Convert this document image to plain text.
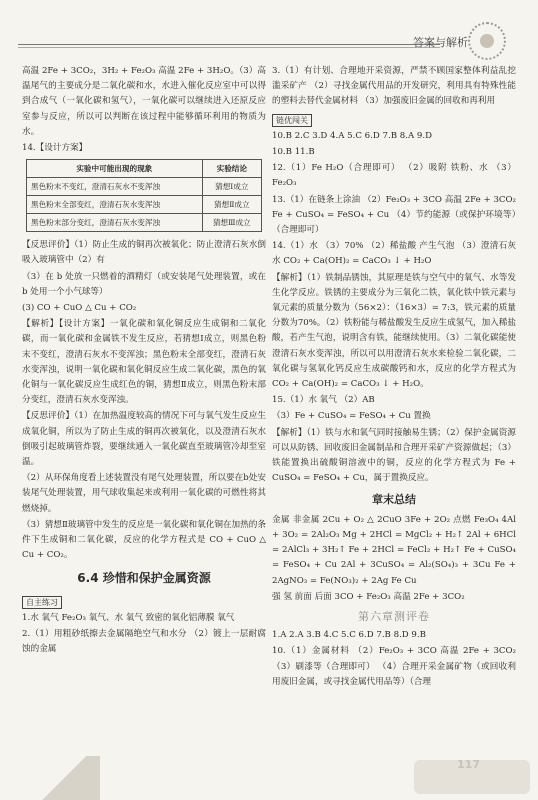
答案与解析

高温 2Fe + 3CO₂，3H₂ + Fe₂O₃ 高温 2Fe + 3H₂O。（3）高温尾气的主要成分是二氧化碳和水，水进入催化反应室中可以得到合成气（一氧化碳和氢气），一氧化碳可以继续进入还原反应室参与反应，所以可以判断在该过程中能够循环利用的物质为水。

14.【设计方案】

实验中可能出现的现象	实验结论
黑色粉末不变红，澄清石灰水不变浑浊	猜想Ⅰ成立
黑色粉末全部变红，澄清石灰水变浑浊	猜想Ⅱ成立
黑色粉末部分变红，澄清石灰水变浑浊	猜想Ⅲ成立

【反思评价】（1）防止生成的铜再次被氧化；防止澄清石灰水倒吸入玻璃管中（2）有

（3）在 b 处放一只燃着的酒精灯（或安装尾气处理装置，或在 b 处用一个小气球等）

(3) CO + CuO △ Cu + CO₂

【解析】【设计方案】一氧化碳和氧化铜反应生成铜和二氧化碳，而一氧化碳和金属铁不发生反应，若猜想Ⅰ成立，则黑色粉末不变红，澄清石灰水不变浑浊；黑色粉末全部变红，澄清石灰水变浑浊，说明一氧化碳和氧化铜反应生成二氧化碳，黑色的氧化铜与一氧化碳反应生成红色的铜，猜想Ⅱ成立，则黑色粉末部分变红，澄清石灰水变浑浊。

【反思评价】（1）在加热温度较高的情况下可与氧气发生反应生成氧化铜，所以为了防止生成的铜再次被氧化，以及澄清石灰水倒吸引起玻璃管炸裂，要继续通入一氧化碳直至玻璃管冷却至室温。

（2）从环保角度看上述装置没有尾气处理装置，所以要在b处安装尾气处理装置，用气球收集起来或利用一氧化碳的可燃性将其燃烧掉。

（3）猜想Ⅱ玻璃管中发生的反应是一氧化碳和氧化铜在加热的条件下生成铜和二氧化碳，反应的化学方程式是 CO + CuO △ Cu + CO₂。

6.4 珍惜和保护金属资源
自主练习

1.水 氧气 Fe₂O₃ 氧气、水 氧气 致密的氧化铝薄膜 氧气

2.（1）用粗砂纸擦去金属隔绝空气和水分 （2）镀上一层耐腐蚀的金属

3.（1）有计划、合理地开采资源，严禁不顾国家整体利益乱挖滥采矿产 （2）寻找金属代用品的开发研究，利用具有特殊性能的塑料去替代金属材料 （3）加强废旧金属的回收和再利用

链优闯关

10.B 2.C 3.D 4.A 5.C 6.D 7.B 8.A 9.D

10.B 11.B

12.（1）Fe H₂O（合理即可） （2）吸附 铁粉、水 （3）Fe₂O₃

13.（1）在链条上涂油 （2）Fe₂O₃ + 3CO 高温 2Fe + 3CO₂ Fe + CuSO₄ = FeSO₄ + Cu （4）节约能源（或保护环境等）（合理即可）

14.（1）水 （3）70% （2）稀盐酸 产生气泡 （3）澄清石灰水 CO₂ + Ca(OH)₂ = CaCO₃ ↓ + H₂O

【解析】（1）铁制品锈蚀，其原理是铁与空气中的氧气、水等发生化学反应。铁锈的主要成分为三氧化二铁，氧化铁中铁元素与氧元素的质量分数为（56×2）：（16×3）= 7:3，铁元素的质量分数为70%。（2）铁粉能与稀盐酸发生反应生成氢气，加入稀盐酸，若产生气泡，说明含有铁，能继续使用。（3）二氧化碳能使澄清石灰水变浑浊，所以可以用澄清石灰水来检验二氧化碳，二氧化碳与氢氧化钙反应生成碳酸钙和水，反应的化学方程式为 CO₂ + Ca(OH)₂ = CaCO₃ ↓ + H₂O。

15.（1）水 氧气 （2）AB

（3）Fe + CuSO₄ = FeSO₄ + Cu 置换

【解析】（1）铁与水和氧气同时接触易生锈；（2）保护金属资源可以从防锈、回收废旧金属制品和合理开采矿产资源做起；（3）铁能置换出硫酸铜溶液中的铜，反应的化学方程式为 Fe + CuSO₄ = FeSO₄ + Cu，属于置换反应。

章末总结

金属 非金属 2Cu + O₂ △ 2CuO 3Fe + 2O₂ 点燃 Fe₃O₄ 4Al + 3O₂ = 2Al₂O₃ Mg + 2HCl = MgCl₂ + H₂↑ 2Al + 6HCl = 2AlCl₃ + 3H₂↑ Fe + 2HCl = FeCl₂ + H₂↑ Fe + CuSO₄ = FeSO₄ + Cu 2Al + 3CuSO₄ = Al₂(SO₄)₃ + 3Cu Fe + 2AgNO₃ = Fe(NO₃)₂ + 2Ag Fe Cu

强 氢 前面 后面 3CO + Fe₂O₃ 高温 2Fe + 3CO₂

第六章测评卷

1.A 2.A 3.B 4.C 5.C 6.D 7.B 8.D 9.B

10.（1）金属材料 （2）Fe₂O₃ + 3CO 高温 2Fe + 3CO₂ （3）刷漆等（合理即可） （4）合理开采金属矿物（或回收利用废旧金属，或寻找金属代用品等）（合理
